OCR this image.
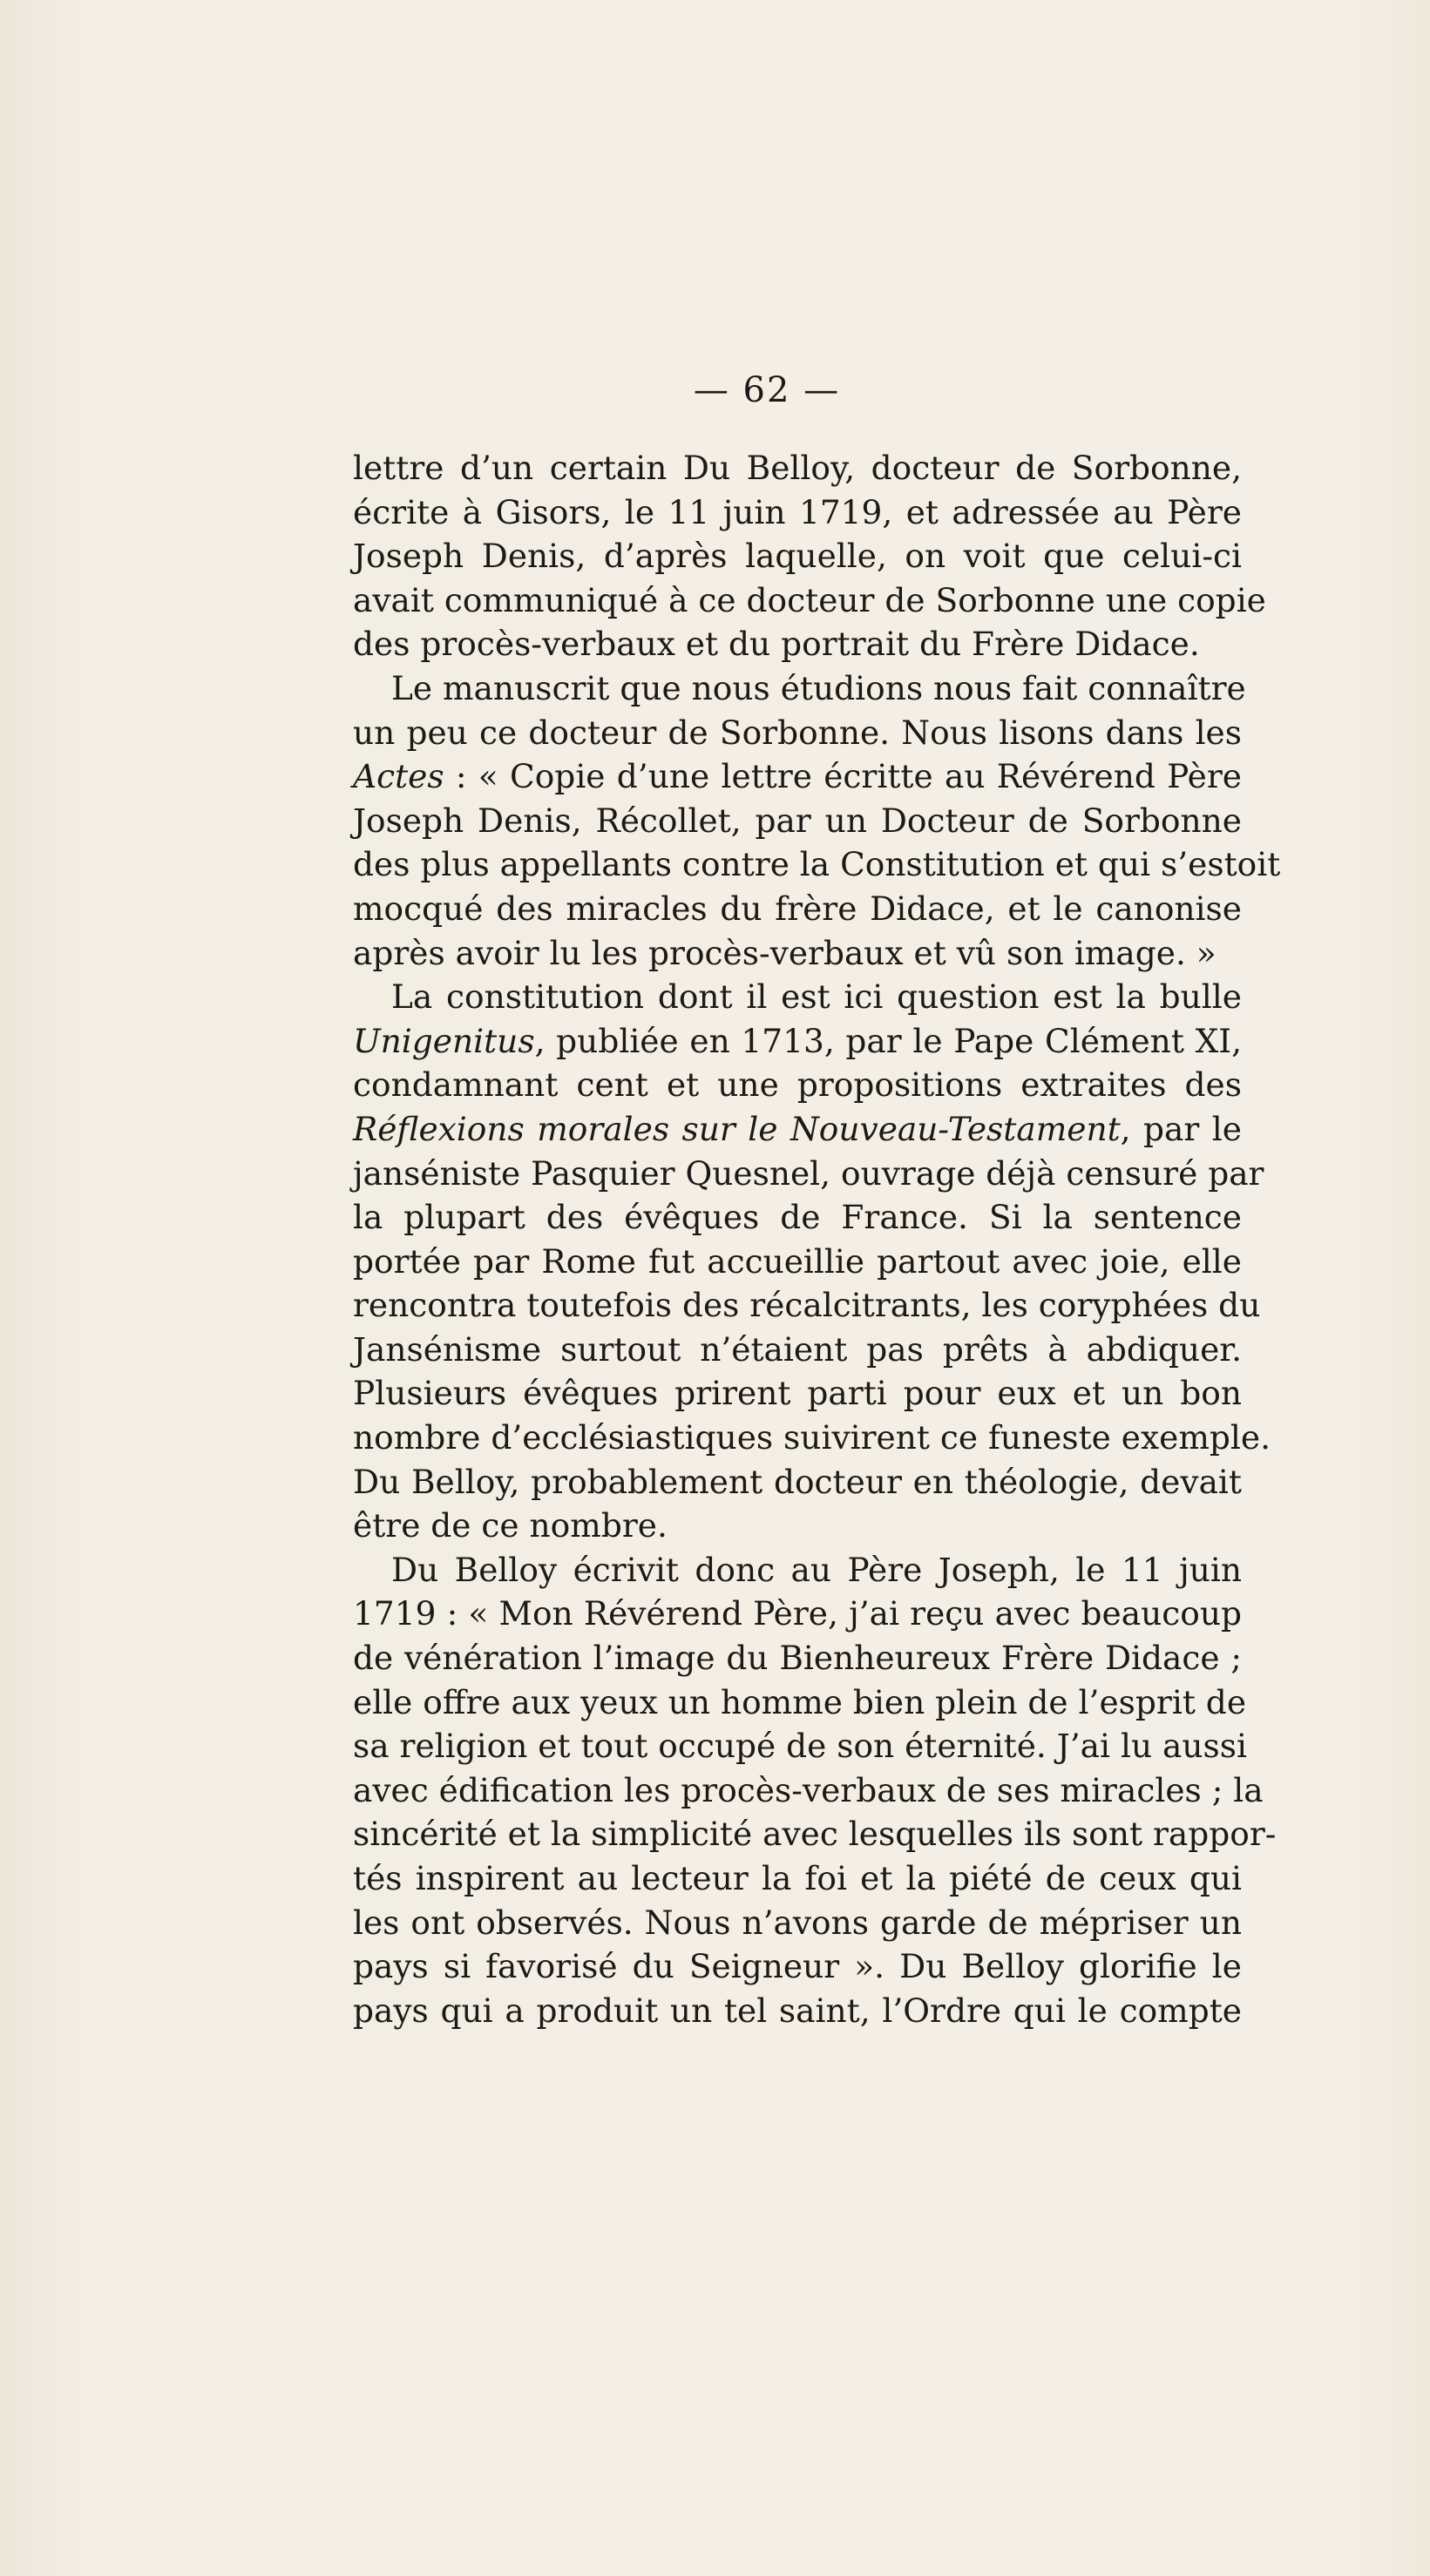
— 62 —
lettre d’un certain Du Belloy, docteur de Sorbonne,
écrite à Gisors, le 11 juin 1719, et adressée au Père
Joseph Denis, d’après laquelle, on voit que celui-ci
avait communiqué à ce docteur de Sorbonne une copie
des procès-verbaux et du portrait du Frère Didace.
Le manuscrit que nous étudions nous fait connaître
un peu ce docteur de Sorbonne. Nous lisons dans les
Actes : « Copie d’une lettre écritte au Révérend Père
Joseph Denis, Récollet, par un Docteur de Sorbonne
des plus appellants contre la Constitution et qui s’estoit
mocqué des miracles du frère Didace, et le canonise
après avoir lu les procès-verbaux et vû son image. »
La constitution dont il est ici question est la bulle
Unigenitus, publiée en 1713, par le Pape Clément XI,
condamnant cent et une propositions extraites des
Réflexions morales sur le Nouveau-Testament, par le
janséniste Pasquier Quesnel, ouvrage déjà censuré par
la plupart des évêques de France. Si la sentence
portée par Rome fut accueillie partout avec joie, elle
rencontra toutefois des récalcitrants, les coryphées du
Jansénisme surtout n’étaient pas prêts à abdiquer.
Plusieurs évêques prirent parti pour eux et un bon
nombre d’ecclésiastiques suivirent ce funeste exemple.
Du Belloy, probablement docteur en théologie, devait
être de ce nombre.
Du Belloy écrivit donc au Père Joseph, le 11 juin
1719 : « Mon Révérend Père, j’ai reçu avec beaucoup
de vénération l’image du Bienheureux Frère Didace ;
elle offre aux yeux un homme bien plein de l’esprit de
sa religion et tout occupé de son éternité. J’ai lu aussi
avec édification les procès-verbaux de ses miracles ; la
sincérité et la simplicité avec lesquelles ils sont rappor-
tés inspirent au lecteur la foi et la piété de ceux qui
les ont observés. Nous n’avons garde de mépriser un
pays si favorisé du Seigneur ». Du Belloy glorifie le
pays qui a produit un tel saint, l’Ordre qui le compte
